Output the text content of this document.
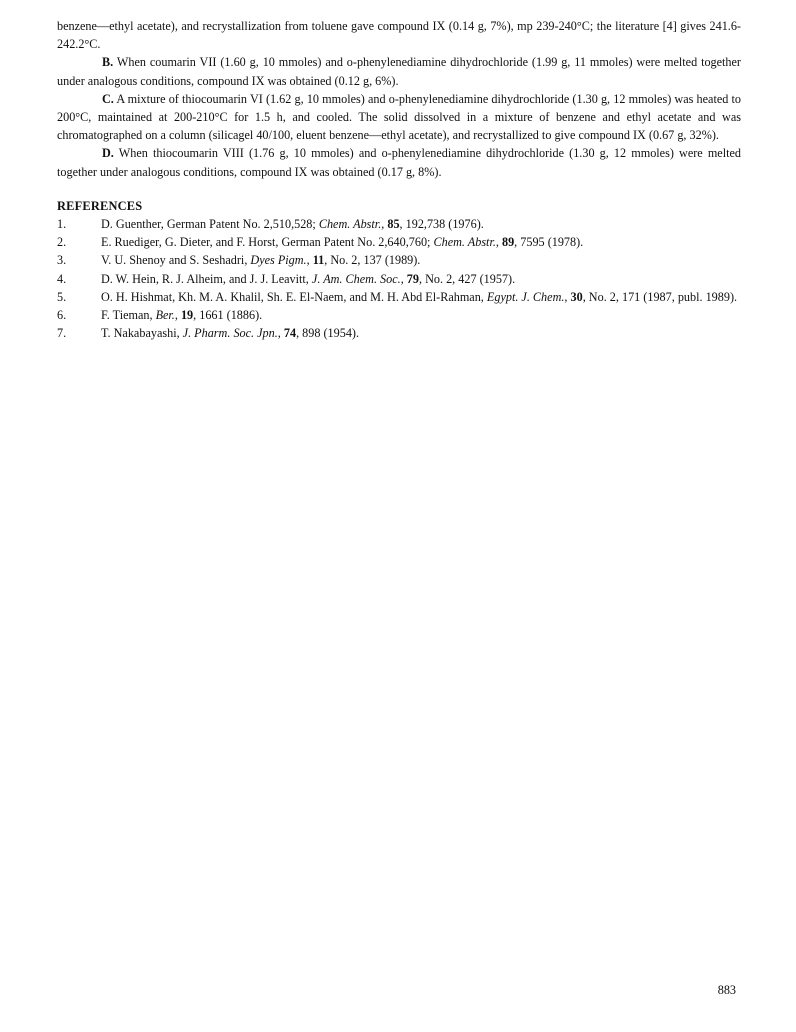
benzene—ethyl acetate), and recrystallization from toluene gave compound IX (0.14 g, 7%), mp 239-240°C; the literature [4] gives 241.6-242.2°C.

B. When coumarin VII (1.60 g, 10 mmoles) and o-phenylenediamine dihydrochloride (1.99 g, 11 mmoles) were melted together under analogous conditions, compound IX was obtained (0.12 g, 6%).

C. A mixture of thiocoumarin VI (1.62 g, 10 mmoles) and o-phenylenediamine dihydrochloride (1.30 g, 12 mmoles) was heated to 200°C, maintained at 200-210°C for 1.5 h, and cooled. The solid dissolved in a mixture of benzene and ethyl acetate and was chromatographed on a column (silicagel 40/100, eluent benzene—ethyl acetate), and recrystallized to give compound IX (0.67 g, 32%).

D. When thiocoumarin VIII (1.76 g, 10 mmoles) and o-phenylenediamine dihydrochloride (1.30 g, 12 mmoles) were melted together under analogous conditions, compound IX was obtained (0.17 g, 8%).

REFERENCES
1.	D. Guenther, German Patent No. 2,510,528; Chem. Abstr., 85, 192,738 (1976).
2.	E. Ruediger, G. Dieter, and F. Horst, German Patent No. 2,640,760; Chem. Abstr., 89, 7595 (1978).
3.	V. U. Shenoy and S. Seshadri, Dyes Pigm., 11, No. 2, 137 (1989).
4.	D. W. Hein, R. J. Alheim, and J. J. Leavitt, J. Am. Chem. Soc., 79, No. 2, 427 (1957).
5.	O. H. Hishmat, Kh. M. A. Khalil, Sh. E. El-Naem, and M. H. Abd El-Rahman, Egypt. J. Chem., 30, No. 2, 171 (1987, publ. 1989).
6.	F. Tieman, Ber., 19, 1661 (1886).
7.	T. Nakabayashi, J. Pharm. Soc. Jpn., 74, 898 (1954).
883
